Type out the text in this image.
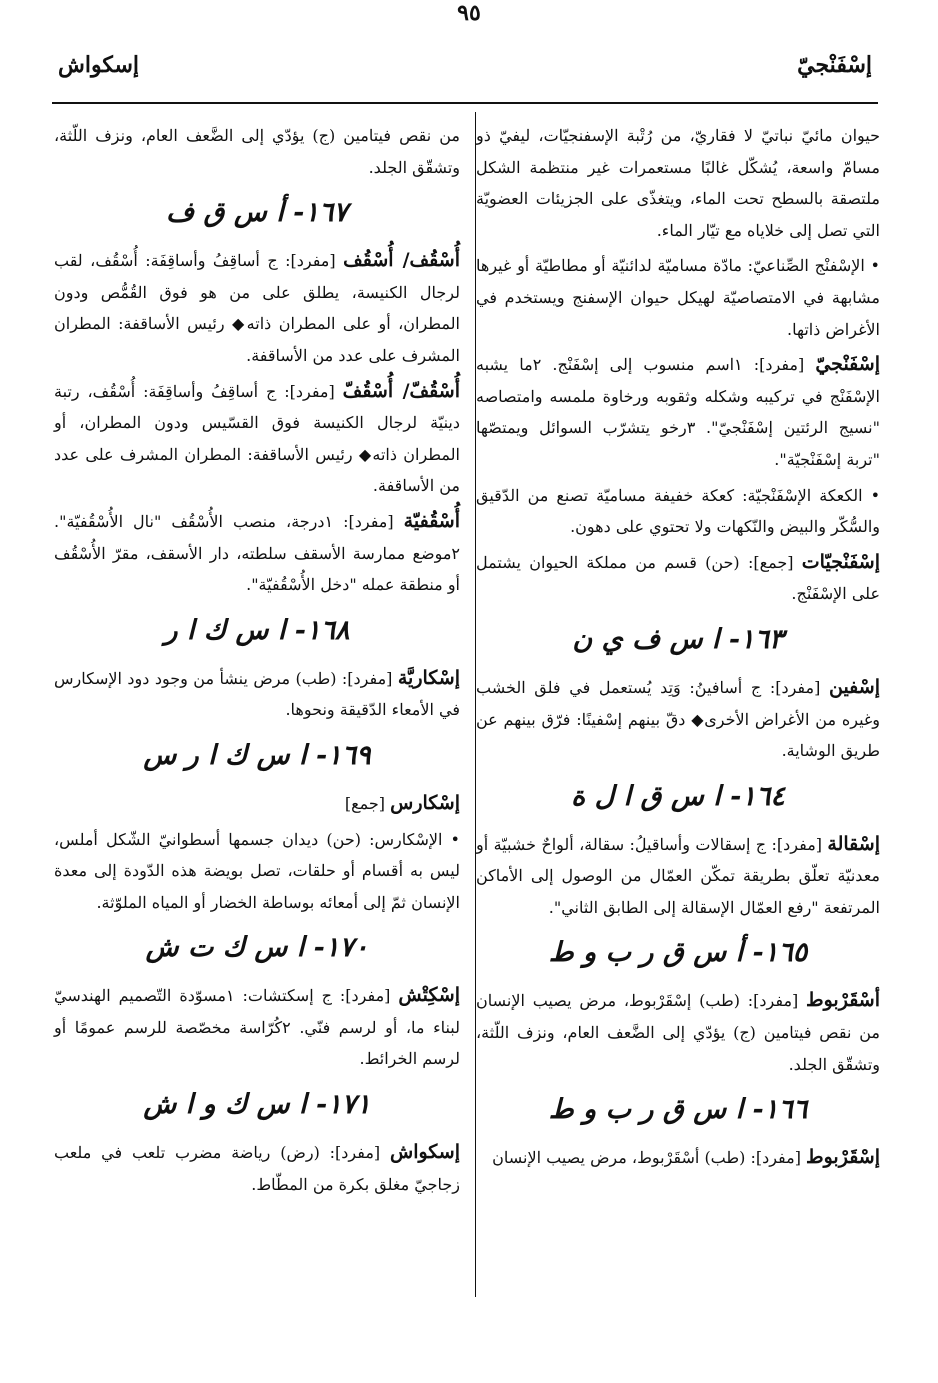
إسْفَنْجيّ
٩٥
إسكواش

حيوان مائيّ نباتيّ لا فقاريّ، من رُتْبة الإسفنجيّات، ليفيّ ذو مسامّ واسعة، يُشكّل غالبًا مستعمرات غير منتظمة الشكل ملتصقة بالسطح تحت الماء، ويتغذّى على الجزيئات العضويّة التي تصل إلى خلاياه مع تيّار الماء.

• الإسْفنْج الصِّناعيّ: مادّة مساميّة لدائنيّة أو مطاطيّة أو غيرها مشابهة في الامتصاصيّة لهيكل حيوان الإسفنج ويستخدم في الأغراض ذاتها.

إسْفَنْجيّ [مفرد]: ١اسم منسوب إلى إسْفَنْج. ٢ما يشبه الإسْفَنْج في تركيبه وشكله وثقوبه ورخاوة ملمسه وامتصاصه "نسيج الرئتين إسْفَنْجيّ". ٣رخو يتشرّب السوائل ويمتصّها "تربة إسْفَنْجيّة".

• الكعكة الإسْفَنْجيّة: كعكة خفيفة مساميّة تصنع من الدّقيق والسُّكّر والبيض والنّكهات ولا تحتوي على دهون.

إسْفَنْجيّات [جمع]: (حن) قسم من مملكة الحيوان يشتمل على الإسْفَنْج.

١٦٣- ا س ف ي ن

إسْفين [مفرد]: ج أسافينُ: وَتِد يُستعمل في فلق الخشب وغيره من الأغراض الأخرى◆ دقّ بينهم إسْفينًا: فرّق بينهم عن طريق الوشاية.

١٦٤- ا س ق ا ل ة

إسْقالة [مفرد]: ج إسقالات وأساقيلُ: سقالة، ألواحٌ خشبيّة أو معدنيّة تعلّق بطريقة تمكّن العمّال من الوصول إلى الأماكن المرتفعة "رفع العمّال الإسقالة إلى الطابق الثاني".

١٦٥- أ س ق ر ب و ط

أسْقَرْبوط [مفرد]: (طب) إسْقَرْبوط، مرض يصيب الإنسان من نقص فيتامين (ج) يؤدّي إلى الضَّعف العام، ونزف اللّثة، وتشقّق الجلد.

١٦٦- ا س ق ر ب و ط

إسْقَرْبوط [مفرد]: (طب) أسْقَرْبوط، مرض يصيب الإنسان

من نقص فيتامين (ج) يؤدّي إلى الضَّعف العام، ونزف اللّثة، وتشقّق الجلد.

١٦٧- أ س ق ف

أُسْقُف/ أُسْقُف [مفرد]: ج أساقِفُ وأساقِفَة: أُسْقُف، لقب لرجال الكنيسة، يطلق على من هو فوق القُمُّص ودون المطران، أو على المطران ذاته◆ رئيس الأساقفة: المطران المشرف على عدد من الأساقفة.

أُسْقُفّ/ أُسْقُفّ [مفرد]: ج أساقِفُ وأساقِفَة: أُسْقُف، رتبة دينيّة لرجال الكنيسة فوق القسّيس ودون المطران، أو المطران ذاته◆ رئيس الأساقفة: المطران المشرف على عدد من الأساقفة.

أُسْقُفيّة [مفرد]: ١درجة، منصب الأُسْقُف "نال الأُسْقُفيّة". ٢موضع ممارسة الأسقف سلطته، دار الأسقف، مقرّ الأُسْقُف أو منطقة عمله "دخل الأُسْقُفيّة".

١٦٨- ا س ك ا ر

إسْكاريَّة [مفرد]: (طب) مرض ينشأ من وجود دود الإسكارس في الأمعاء الدّقيقة ونحوها.

١٦٩- ا س ك ا ر س

إسْكارس [جمع]

• الإسْكارس: (حن) ديدان جسمها أسطوانيّ الشّكل أملس، ليس به أقسام أو حلقات، تصل بويضة هذه الدّودة إلى معدة الإنسان ثمّ إلى أمعائه بوساطة الخضار أو المياه الملوّثة.

١٧٠- ا س ك ت ش

إسْكِتْش [مفرد]: ج إسكتشات: ١مسوّدة التّصميم الهندسيّ لبناء ما، أو لرسم فنّي. ٢كُرّاسة مخصّصة للرسم عمومًا أو لرسم الخرائط.

١٧١- ا س ك و ا ش

إسكواش [مفرد]: (رض) رياضة مضرب تلعب في ملعب زجاجيّ مغلق بكرة من المطّاط.
